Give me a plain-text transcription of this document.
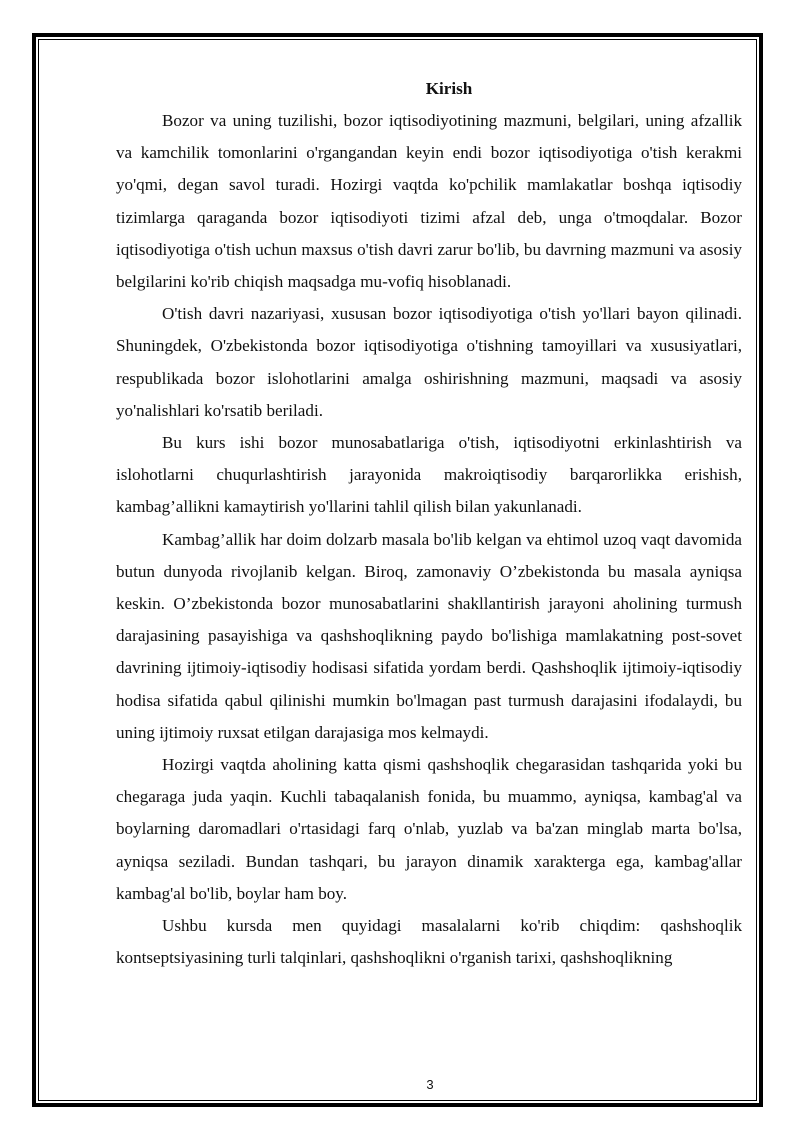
Kirish

Bozor va uning tuzilishi, bozor iqtisodiyotining mazmuni, belgilari, uning afzallik va kamchilik tomonlarini o'rgangandan keyin endi bozor iqtisodiyotiga o'tish kerakmi yo'qmi, degan savol turadi. Hozirgi vaqtda ko'pchilik mamlakatlar boshqa iqtisodiy tizimlarga qaraganda bozor iqtisodiyoti tizimi afzal deb, unga o'tmoqdalar. Bozor iqtisodiyotiga o'tish uchun maxsus o'tish davri zarur bo'lib, bu davrning mazmuni va asosiy belgilarini ko'rib chiqish maqsadga mu-vofiq hisoblanadi.

O'tish davri nazariyasi, xususan bozor iqtisodiyotiga o'tish yo'llari bayon qilinadi. Shuningdek, O'zbekistonda bozor iqtisodiyotiga o'tishning tamoyillari va xususiyatlari, respublikada bozor islohotlarini amalga oshirishning mazmuni, maqsadi va asosiy yo'nalishlari ko'rsatib beriladi.

Bu kurs ishi bozor munosabatlariga o'tish, iqtisodiyotni erkinlashtirish va islohotlarni chuqurlashtirish jarayonida makroiqtisodiy barqarorlikka erishish, kambag’allikni kamaytirish yo'llarini tahlil qilish bilan yakunlanadi.

Kambag’allik har doim dolzarb masala bo'lib kelgan va ehtimol uzoq vaqt davomida butun dunyoda rivojlanib kelgan. Biroq, zamonaviy O’zbekistonda bu masala ayniqsa keskin. O’zbekistonda bozor munosabatlarini shakllantirish jarayoni aholining turmush darajasining pasayishiga va qashshoqlikning paydo bo'lishiga mamlakatning post-sovet davrining ijtimoiy-iqtisodiy hodisasi sifatida yordam berdi. Qashshoqlik ijtimoiy-iqtisodiy hodisa sifatida qabul qilinishi mumkin bo'lmagan past turmush darajasini ifodalaydi, bu uning ijtimoiy ruxsat etilgan darajasiga mos kelmaydi.

Hozirgi vaqtda aholining katta qismi qashshoqlik chegarasidan tashqarida yoki bu chegaraga juda yaqin. Kuchli tabaqalanish fonida, bu muammo, ayniqsa, kambag'al va boylarning daromadlari o'rtasidagi farq o'nlab, yuzlab va ba'zan minglab marta bo'lsa, ayniqsa seziladi. Bundan tashqari, bu jarayon dinamik xarakterga ega, kambag'allar kambag'al bo'lib, boylar ham boy.

Ushbu kursda men quyidagi masalalarni ko'rib chiqdim: qashshoqlik kontseptsiyasining turli talqinlari, qashshoqlikni o'rganish tarixi, qashshoqlikning

3
